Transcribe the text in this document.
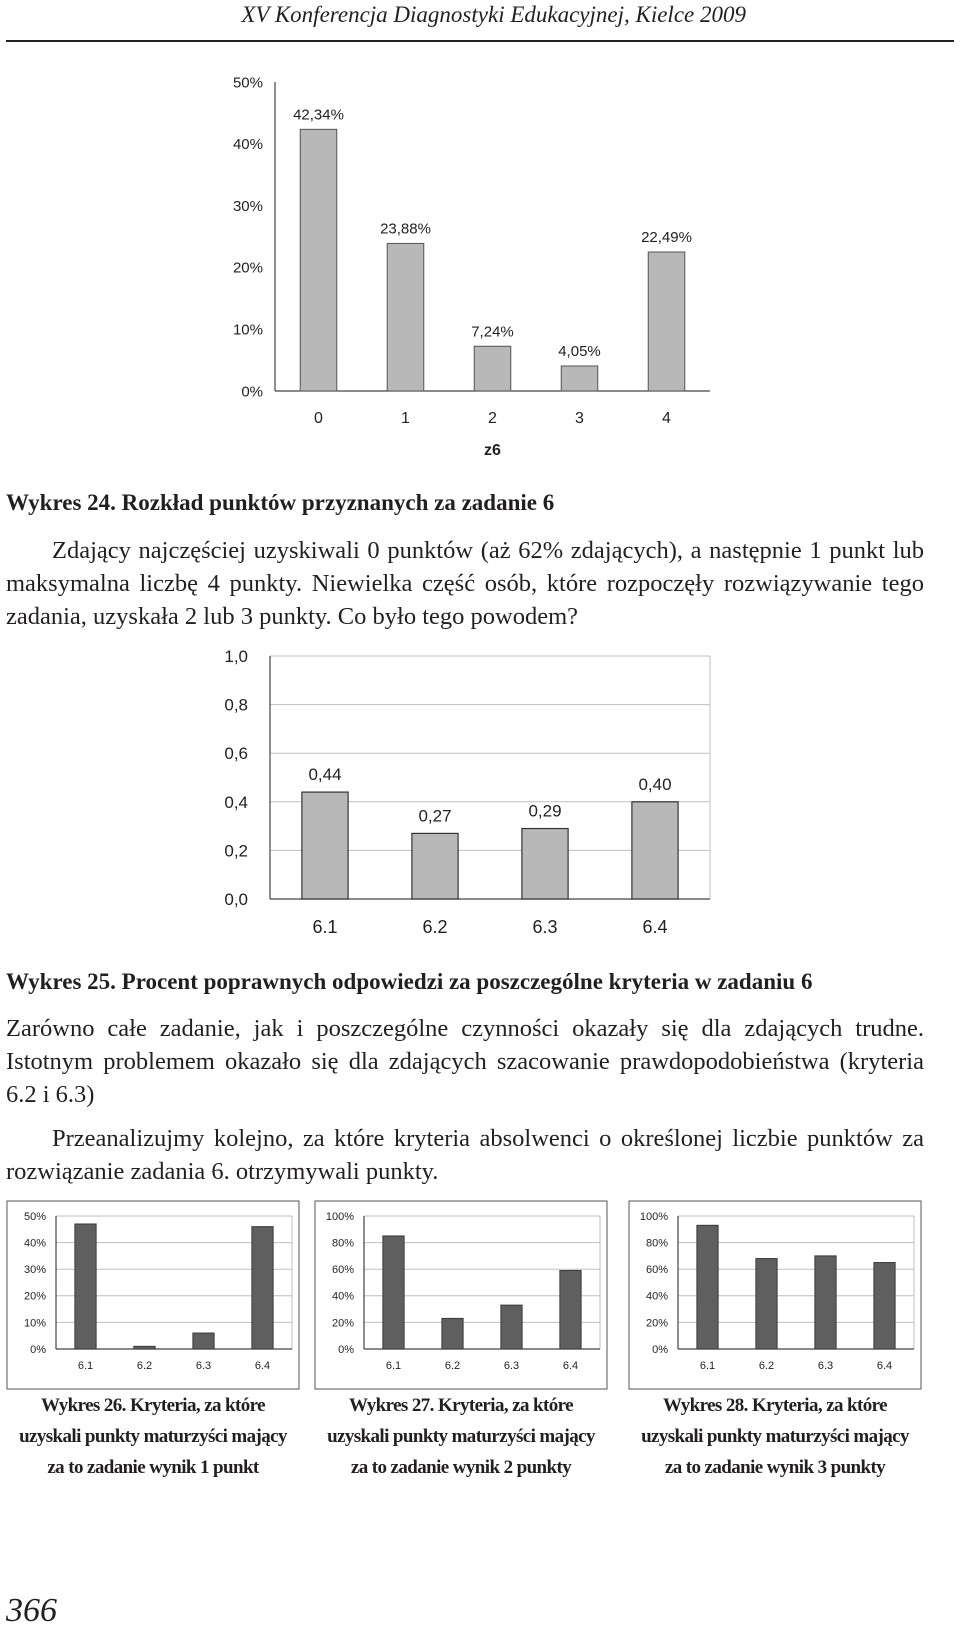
XV Konferencja Diagnostyki Edukacyjnej, Kielce 2009
0%
10%
20%
30%
40%
50%
0
42,34%
1
23,88%
2
7,24%
3
4,05%
4
22,49%
z6
Wykres 24. Rozkład punktów przyznanych za zadanie 6
Zdający najczęściej uzyskiwali 0 punktów (aż 62% zdających), a następnie 1 punkt lub maksymalna liczbę 4 punkty. Niewielka część osób, które rozpoczęły rozwiązywanie tego zadania, uzyskała 2 lub 3 punkty. Co było tego powodem?
0,0
0,2
0,4
0,6
0,8
1,0
6.1
0,44
6.2
0,27
6.3
0,29
6.4
0,40
Wykres 25. Procent poprawnych odpowiedzi za poszczególne kryteria w zadaniu 6
Zarówno całe zadanie, jak i poszczególne czynności okazały się dla zdających trudne. Istotnym problemem okazało się dla zdających szacowanie prawdopodobieństwa (kryteria 6.2 i 6.3)
Przeanalizujmy kolejno, za które kryteria absolwenci o określonej liczbie punktów za rozwiązanie zadania 6. otrzymywali punkty.
0%
10%
20%
30%
40%
50%
6.1	6.2	6.3	6.4
0%
20%
40%
60%
80%
100%
6.1	6.2	6.3	6.4
0%
20%
40%
60%
80%
100%
6.1	6.2	6.3	6.4
Wykres 26. Kryteria, za które
uzyskali punkty maturzyści mający
za to zadanie wynik 1 punkt
Wykres 27. Kryteria, za które
uzyskali punkty maturzyści mający
za to zadanie wynik 2 punkty
Wykres 28. Kryteria, za które
uzyskali punkty maturzyści mający
za to zadanie wynik 3 punkty
366
